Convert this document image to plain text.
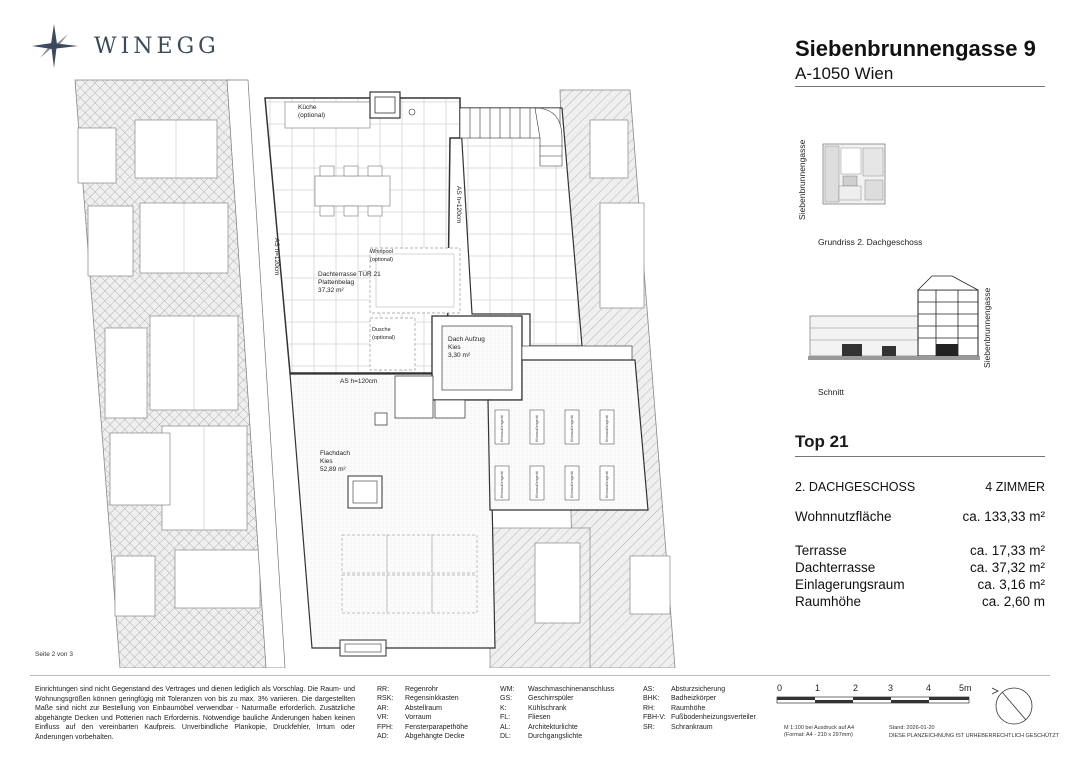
WINEGG	Siebenbrunnengasse 9
A-1050 Wien
Siebenbrunnengasse
Grundriss 2. Dachgeschoss
Siebenbrunnengasse
Schnitt
Top 21
2. DACHGESCHOSS	4 ZIMMER
Wohnnutzfläche	ca. 133,33 m²
Terrasse	ca. 17,33 m²
Dachterrasse	ca. 37,32 m²
Einlagerungsraum	ca. 3,16 m²
Raumhöhe	ca. 2,60 m
Klimaaußengerät	Klimaaußengerät	Klimaaußengerät	Klimaaußengerät
Klimaaußengerät	Klimaaußengerät	Klimaaußengerät	Klimaaußengerät
Küche
(optional)
AS h=120cm
AS h=120cm
AS h=120cm
Dachterrasse TÜR 21
Plattenbelag
37,32 m²
Whirlpool
(optional)
Dusche
(optional)	Dach Aufzug
Kies
3,30 m²
Flachdach
Kies
52,89 m²
Seite 2 von 3
Einrichtungen sind nicht Gegenstand des Vertrages und dienen lediglich als Vorschlag. Die Raum- und Wohnungsgrößen können geringfügig mit Toleranzen von bis zu max. 3% variieren. Die dargestellten Maße sind nicht zur Bestellung von Einbaumöbel verwendbar - Naturmaße erforderlich. Zusätzliche abgehängte Decken und Potterien nach Erfordernis. Notwendige bauliche Änderungen haben keinen Einfluss auf den vereinbarten Kaufpreis. Unverbindliche Plankopie, Druckfehler, Irrtum oder Änderungen vorbehalten.
RR: Regenrohr
RSK: Regensinkkasten
AR: Abstellraum
VR: Vorraum
FPH: Fensterparapethöhe
AD: Abgehängte Decke
WM: Waschmaschinenanschluss
GS: Geschirrspüler
K:	Kühlschrank
FL:	Fliesen
AL: Architekturlichte
DL: Durchgangslichte
AS: Absturzsicherung
BHK: Badheizkörper
RH: Raumhöhe
FBH-V: Fußbodenheizungsverteiler
SR: Schrankraum
0	1	2	3	4	5m
M 1:100 bei Ausdruck auf A4
(Format: A4 - 210 x 297mm)
Stand: 2026-01-20
DIESE PLANZEICHNUNG IST URHEBERRECHTLICH GESCHÜTZT
